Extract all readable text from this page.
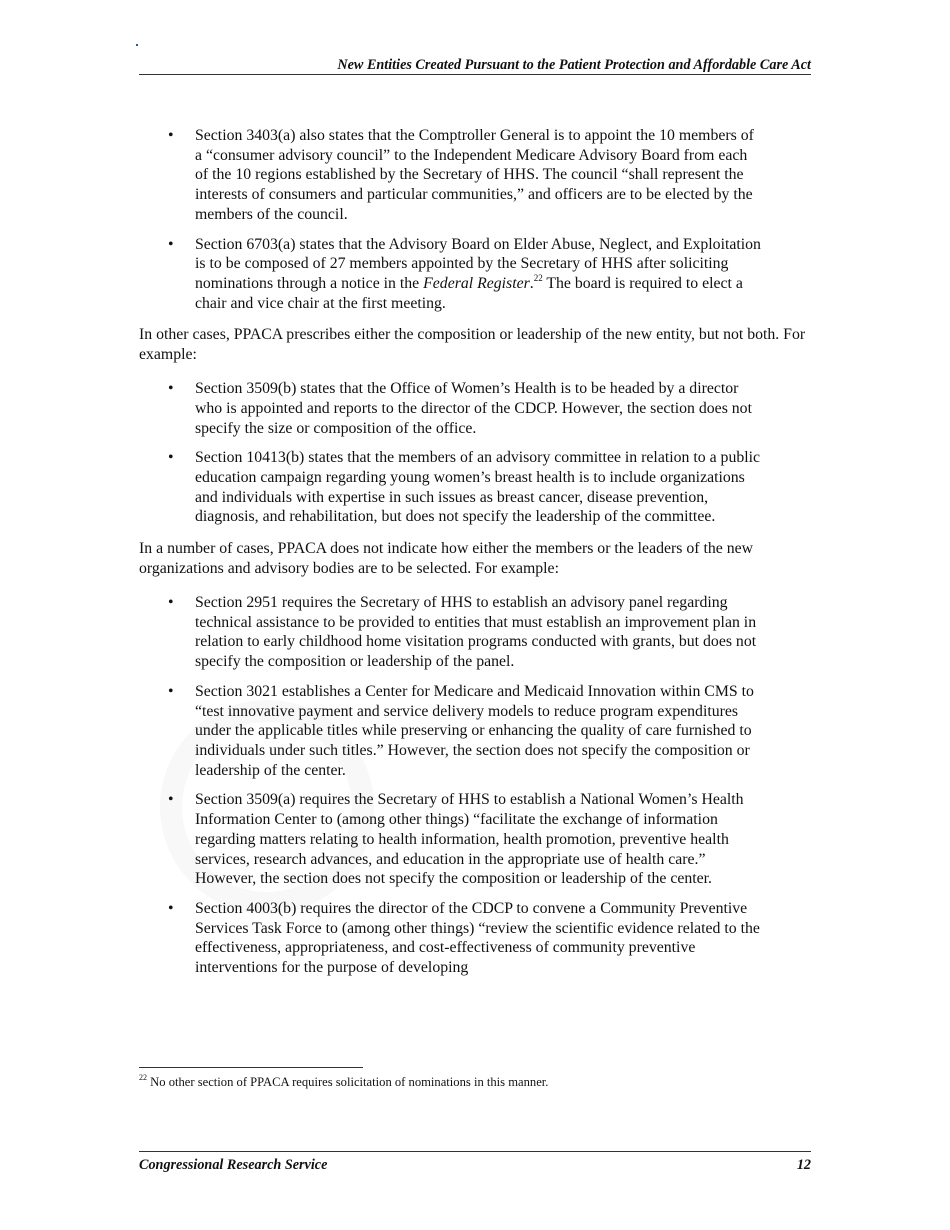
New Entities Created Pursuant to the Patient Protection and Affordable Care Act
• Section 3403(a) also states that the Comptroller General is to appoint the 10 members of a “consumer advisory council” to the Independent Medicare Advisory Board from each of the 10 regions established by the Secretary of HHS. The council “shall represent the interests of consumers and particular communities,” and officers are to be elected by the members of the council.
• Section 6703(a) states that the Advisory Board on Elder Abuse, Neglect, and Exploitation is to be composed of 27 members appointed by the Secretary of HHS after soliciting nominations through a notice in the Federal Register.$^{22}$ The board is required to elect a chair and vice chair at the first meeting.

In other cases, PPACA prescribes either the composition or leadership of the new entity, but not both. For example:

• Section 3509(b) states that the Office of Women’s Health is to be headed by a director who is appointed and reports to the director of the CDCP. However, the section does not specify the size or composition of the office.
• Section 10413(b) states that the members of an advisory committee in relation to a public education campaign regarding young women’s breast health is to include organizations and individuals with expertise in such issues as breast cancer, disease prevention, diagnosis, and rehabilitation, but does not specify the leadership of the committee.

In a number of cases, PPACA does not indicate how either the members or the leaders of the new organizations and advisory bodies are to be selected. For example:

• Section 2951 requires the Secretary of HHS to establish an advisory panel regarding technical assistance to be provided to entities that must establish an improvement plan in relation to early childhood home visitation programs conducted with grants, but does not specify the composition or leadership of the panel.
• Section 3021 establishes a Center for Medicare and Medicaid Innovation within CMS to “test innovative payment and service delivery models to reduce program expenditures under the applicable titles while preserving or enhancing the quality of care furnished to individuals under such titles.” However, the section does not specify the composition or leadership of the center.
• Section 3509(a) requires the Secretary of HHS to establish a National Women’s Health Information Center to (among other things) “facilitate the exchange of information regarding matters relating to health information, health promotion, preventive health services, research advances, and education in the appropriate use of health care.” However, the section does not specify the composition or leadership of the center.
• Section 4003(b) requires the director of the CDCP to convene a Community Preventive Services Task Force to (among other things) “review the scientific evidence related to the effectiveness, appropriateness, and cost-effectiveness of community preventive interventions for the purpose of developing
$^{22}$ No other section of PPACA requires solicitation of nominations in this manner.
Congressional Research Service	12
